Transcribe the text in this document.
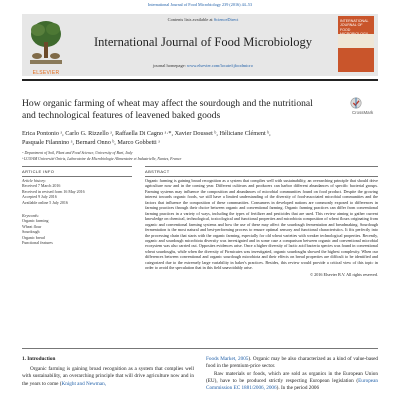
International Journal of Food Microbiology 239 (2016) 44–53
ELSEVIER
Contents lists available at ScienceDirect
International Journal of Food Microbiology
journal homepage: www.elsevier.com/locate/ijfoodmicro
INTERNATIONAL JOURNAL OF FOOD
How organic farming of wheat may affect the sourdough and the nutritional and technological features of leavened baked goods	CrossMark
Erica Pontonio ᵃ, Carlo G. Rizzello ᵃ, Raffaella Di Cagno ᵃ·*, Xavier Dousset ᵇ, Héliciane Clément ᵇ,
Pasquale Filannino ᵃ, Bernard Onno ᵇ, Marco Gobbetti ᵃ
ᵃ Department of Soil, Plant and Food Science, University of Bari, Italy
ᵇ LUNAM Université Oniris, Laboratoire de Microbiologie Alimentaire et Industrielle, Nantes, France
ARTICLE INFO	ABSTRACT
Article history:
Received 7 March 2016
Received in revised form 16 May 2016
Accepted 9 July 2016
Available online 5 July 2016
Keywords:
Organic farming
Wheat flour
Sourdough
Organic bread
Functional features

Organic farming is gaining broad recognition as a system that complies well with sustainability, an overarching principle that should drive agriculture now and in the coming year. Different cultivars and producers can harbor different abundances of specific bacterial groups. Farming systems may influence the composition and abundances of microbial communities found on food product. Despite the growing interest towards organic foods, we still have a limited understanding of the diversity of food-associated microbial communities and the factors that influence the composition of these communities. Consumers in developed nations are commonly exposed to differences in farming practices through their choice between organic and conventional farming. Organic farming practices can differ from conventional farming practices in a variety of ways, including the types of fertilizer and pesticides that are used. This review aiming to gather current knowledge on chemical, technological, toxicological and functional properties and microbiota composition of wheat flours originating from organic and conventional farming systems and how the use of these may affect the sourdough fermentation and breadmaking. Sourdough fermentation is the most natural and best-performing process to ensure optimal sensory and functional characteristics. It fits perfectly into the processing chain that starts with the organic farming, especially for old wheat varieties with weaker technological properties. Recently, organic and sourdough microbiota diversity was investigated and in some case a comparison between organic and conventional microbial ecosystem was also carried out. Opposites evidences arise. Once a higher diversity of lactic acid bacteria species was found in conventional wheat sourdoughs, while when the diversity of Firmicutes was investigated, organic sourdoughs showed the highest complexity. When our differences between conventional and organic sourdough microbiota and their effects on bread properties are difficult to be identified and categorized due to the extremely large variability in baker's practices. Besides, this review would provide a critical view of this topic in order to avoid the speculation that in this field unavoidably arise.

© 2016 Elsevier B.V. All rights reserved.
1. Introduction

Organic farming is gaining broad recognition as a system that complies well with sustainability, an overarching principle that will drive agriculture now and in the years to come (Knight and Newman,

Foods Market, 2005). Organic may be also characterized as a kind of value-based food in the premium-price sector.

Raw materials or foods, which are sold as organics in the European Union (EU), have to be produced strictly respecting European legislation (European Commission EC 1881/2006, 2006). In the period 2006
